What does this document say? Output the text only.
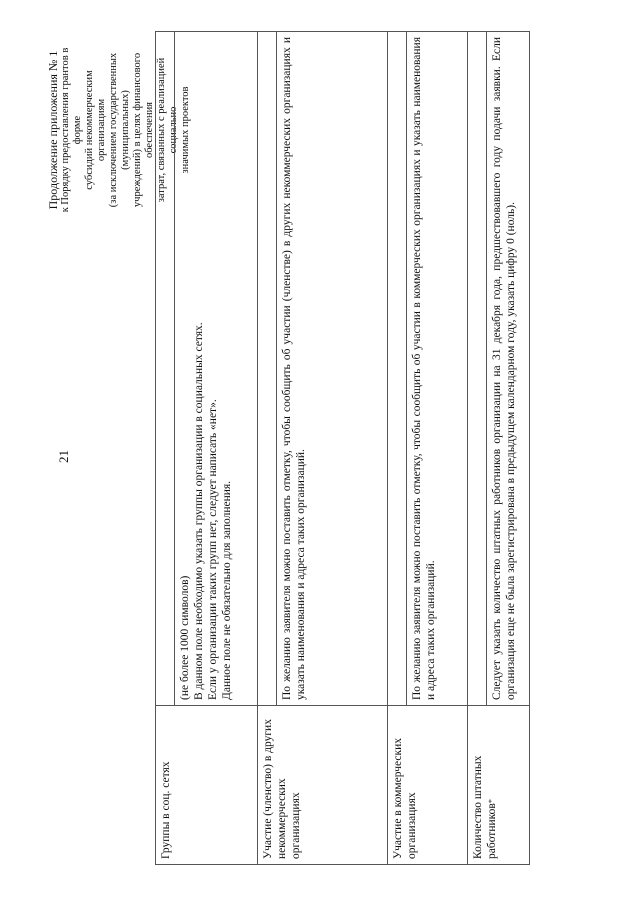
21
Продолжение приложения № 1 к Порядку предоставления грантов в форме субсидий некоммерческим организациям (за исключением государственных (муниципальных) учреждений) в целях финансового обеспечения затрат, связанных с реализацией социально значимых проектов
Группы в соц. сетях	(не более 1000 символов) В данном поле необходимо указать группы организации в социальных сетях. Если у организации таких групп нет, следует написать «нет». Данное поле не обязательно для заполнения.

Участие (членство) в других некоммерческих организациях	По желанию заявителя можно поставить отметку, чтобы сообщить об участии (членстве) в других некоммерческих организациях и указать наименования и адреса таких организаций.

Участие в коммерческих организациях	По желанию заявителя можно поставить отметку, чтобы сообщить об участии в коммерческих организациях и указать наименования и адреса таких организаций.

Количество штатных работников*	Следует указать количество штатных работников организации на 31 декабря года, предшествовавшего году подачи заявки. Если организация еще не была зарегистрирована в предыдущем календарном году, указать цифру 0 (ноль).
